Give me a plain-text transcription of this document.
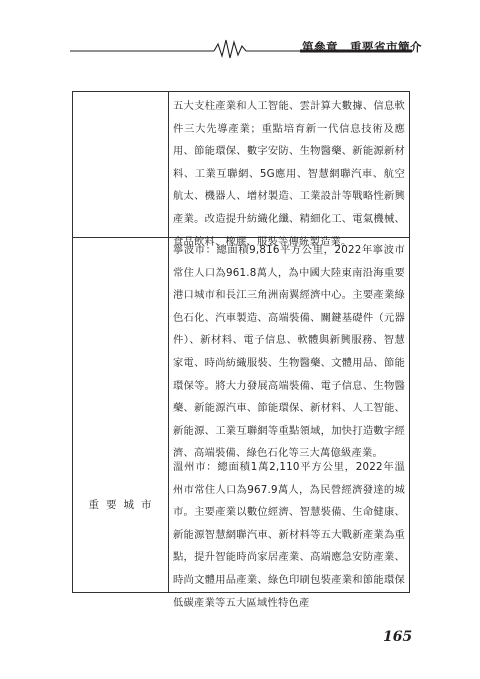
第參章　重要省市簡介
重要城市
五大支柱產業和人工智能、雲計算大數據、信息軟件三大先導產業；重點培育新一代信息技術及應用、節能環保、數字安防、生物醫藥、新能源新材料、工業互聯網、5G應用、智慧網聯汽車、航空航太、機器人、增材製造、工業設計等戰略性新興產業。改造提升紡織化纖、精細化工、電氣機械、食品飲料、橡膠、服裝等傳統製造業。
寧波市：總面積9,816平方公里，2022年寧波市常住人口為961.8萬人，為中國大陸東南沿海重要港口城市和長江三角洲南翼經濟中心。主要產業綠色石化、汽車製造、高端裝備、關鍵基礎件（元器件）、新材料、電子信息、軟體與新興服務、智慧家電、時尚紡織服裝、生物醫藥、文體用品、節能環保等。將大力發展高端裝備、電子信息、生物醫藥、新能源汽車、節能環保、新材料、人工智能、新能源、工業互聯網等重點領域，加快打造數字經濟、高端裝備、綠色石化等三大萬億級產業。
溫州市：總面積1萬2,110平方公里，2022年溫州市常住人口為967.9萬人，為民營經濟發達的城市。主要產業以數位經濟、智慧裝備、生命健康、新能源智慧網聯汽車、新材料等五大戰新產業為重點，提升智能時尚家居產業、高端應急安防產業、時尚文體用品產業、綠色印刷包裝產業和節能環保低碳產業等五大區域性特色產
165
